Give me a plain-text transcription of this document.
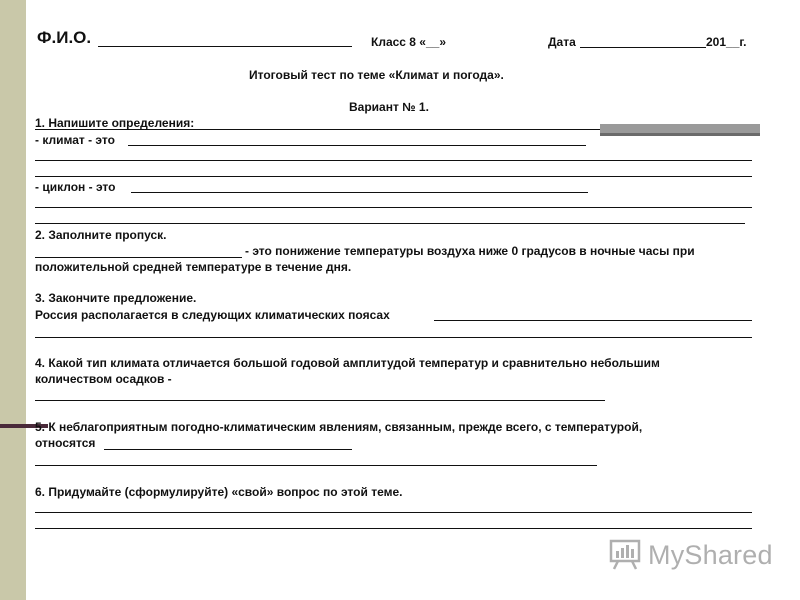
Ф.И.О.	Класс 8 «__»	Дата	201__г.
Итоговый тест по теме «Климат и погода».
Вариант № 1.
1. Напишите определения:
- климат - это
- циклон - это
2. Заполните пропуск.
- это понижение температуры воздуха ниже 0 градусов в ночные часы при
положительной средней температуре в течение дня.
3. Закончите предложение.
Россия располагается в следующих климатических поясах
4. Какой тип климата отличается большой годовой амплитудой температур и сравнительно небольшим
количеством осадков -
5. К неблагоприятным погодно-климатическим явлениям, связанным, прежде всего, с температурой,
относятся
6. Придумайте (сформулируйте) «свой» вопрос по этой теме.
MyShared
